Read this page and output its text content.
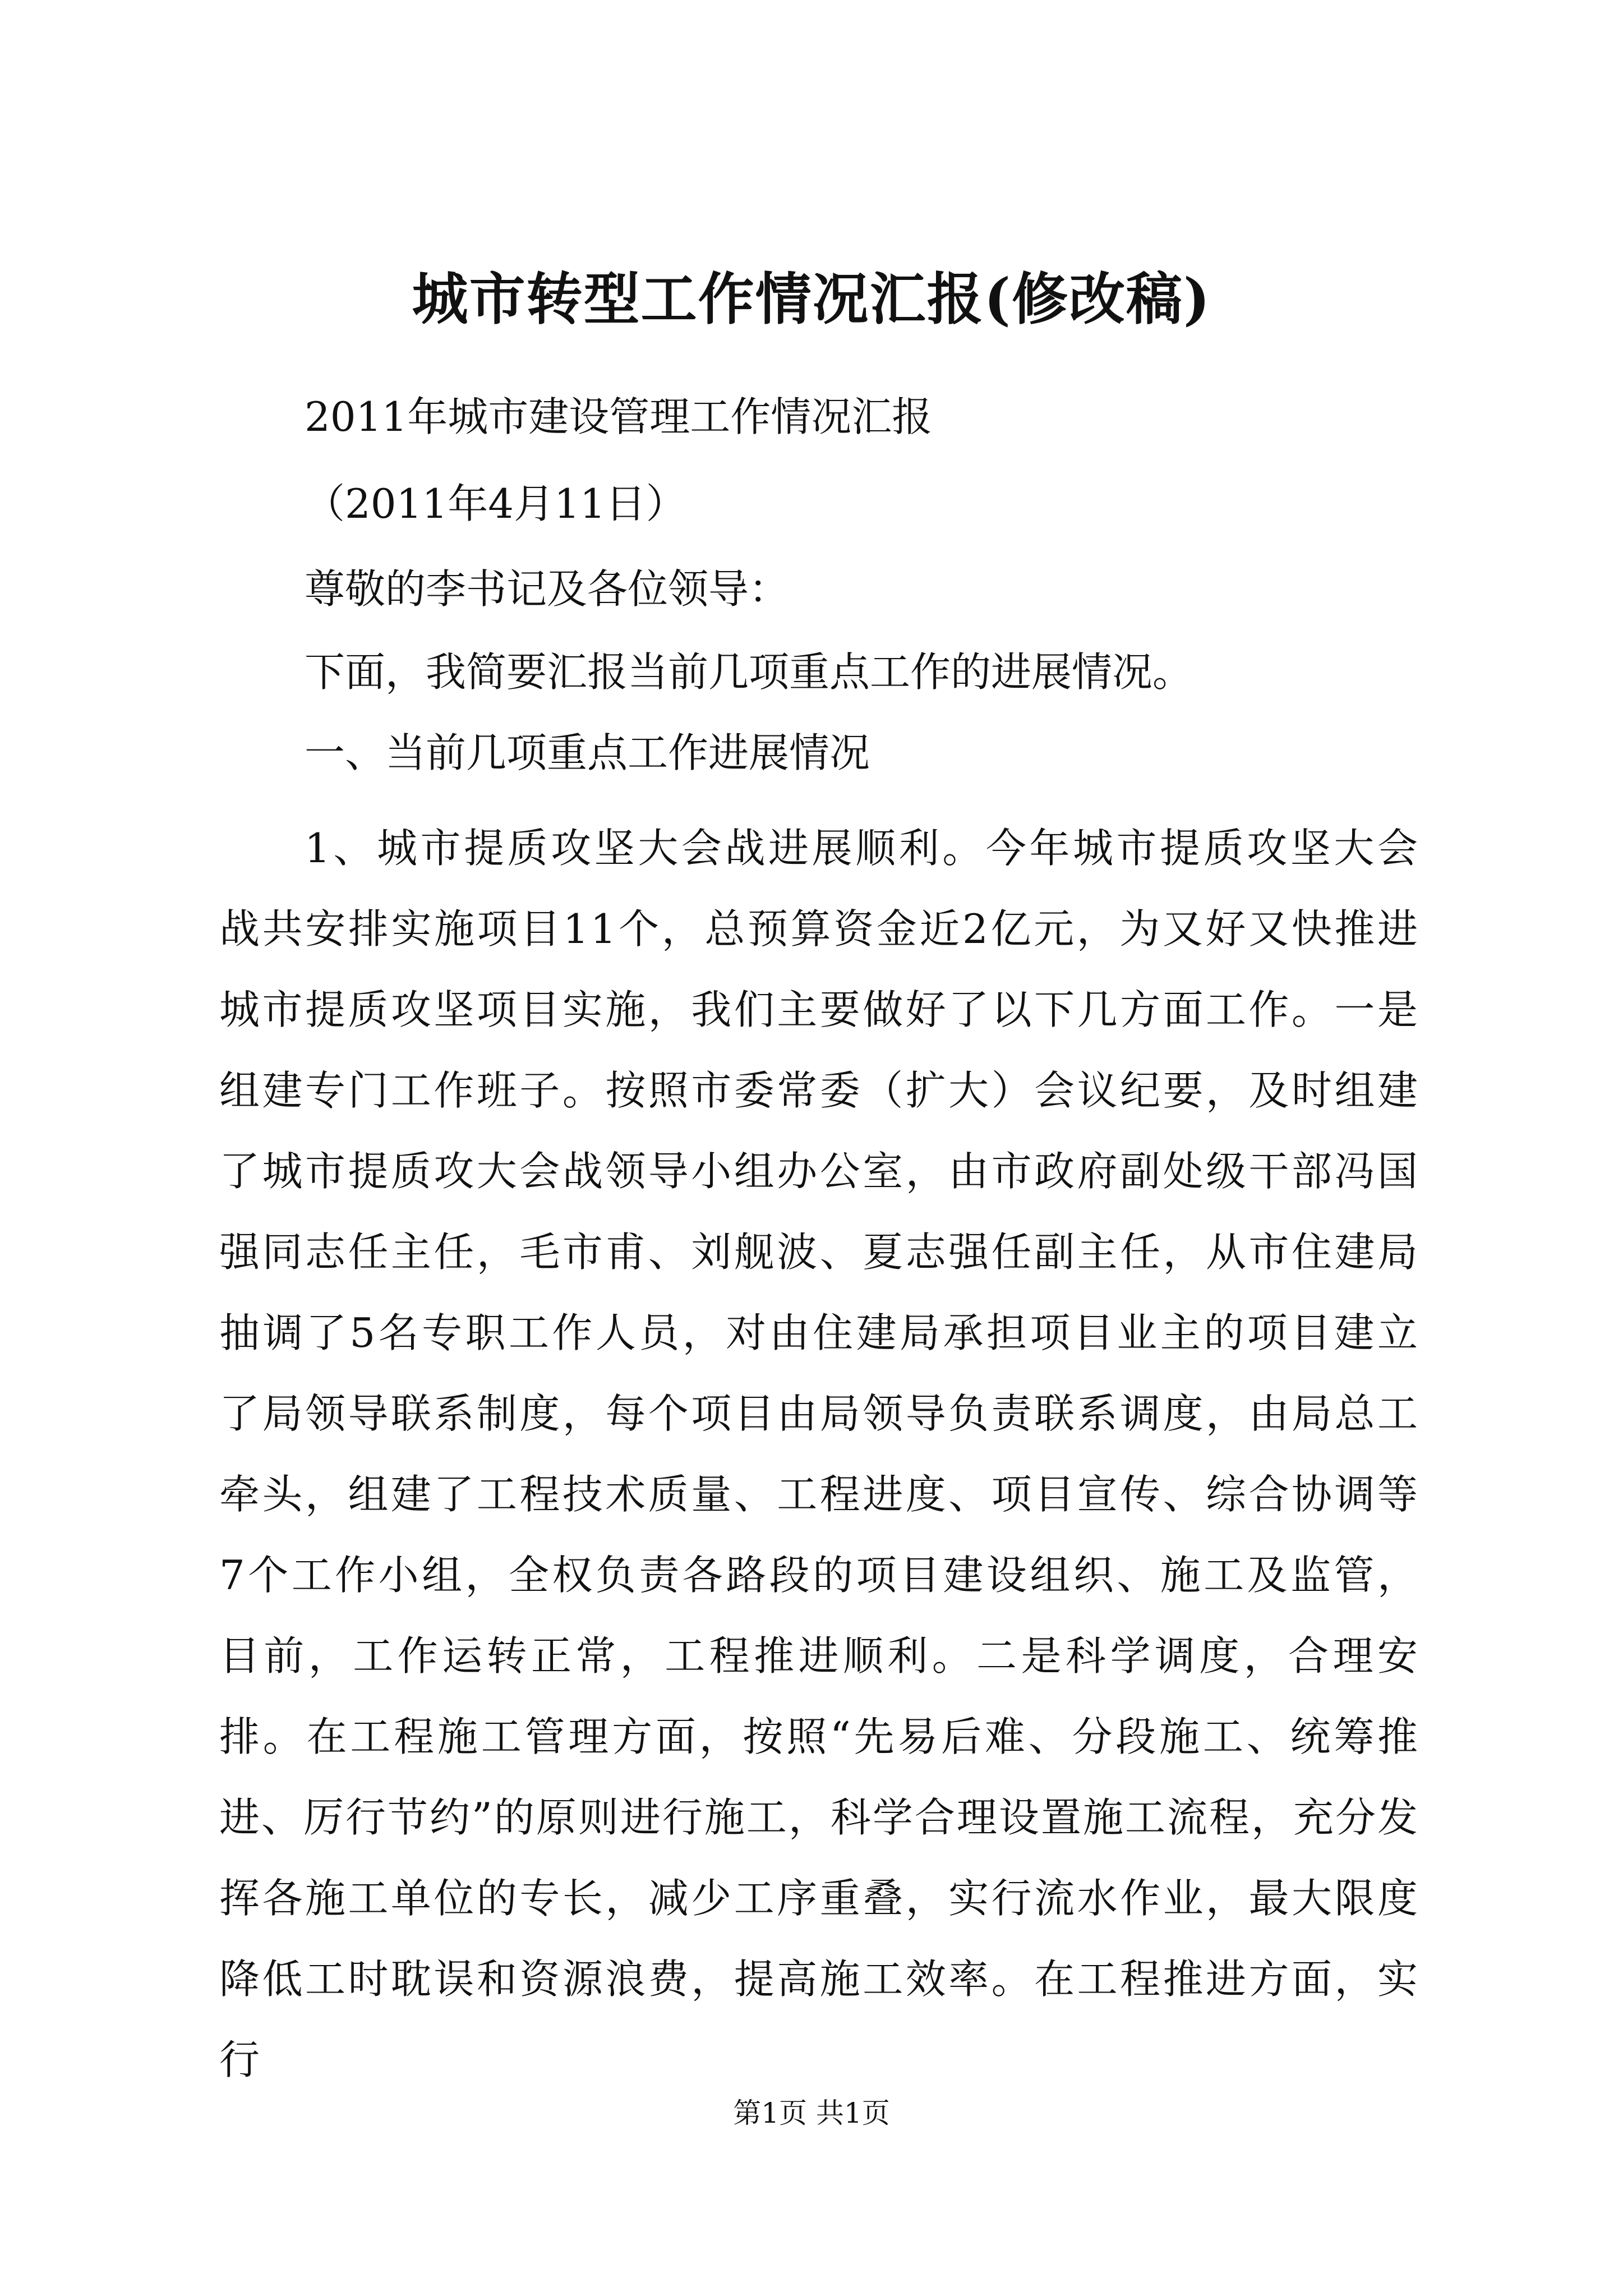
城市转型工作情况汇报(修改稿)

2011年城市建设管理工作情况汇报

（2011年4月11日）

尊敬的李书记及各位领导：

下面，我简要汇报当前几项重点工作的进展情况。

一、当前几项重点工作进展情况

1、城市提质攻坚大会战进展顺利。今年城市提质攻坚大会战共安排实施项目11个，总预算资金近2亿元，为又好又快推进城市提质攻坚项目实施，我们主要做好了以下几方面工作。一是组建专门工作班子。按照市委常委（扩大）会议纪要，及时组建了城市提质攻大会战领导小组办公室，由市政府副处级干部冯国强同志任主任，毛市甫、刘舰波、夏志强任副主任，从市住建局抽调了5名专职工作人员，对由住建局承担项目业主的项目建立了局领导联系制度，每个项目由局领导负责联系调度，由局总工牵头，组建了工程技术质量、工程进度、项目宣传、综合协调等7个工作小组，全权负责各路段的项目建设组织、施工及监管，目前，工作运转正常，工程推进顺利。二是科学调度，合理安排。在工程施工管理方面，按照“先易后难、分段施工、统筹推进、厉行节约”的原则进行施工，科学合理设置施工流程，充分发挥各施工单位的专长，减少工序重叠，实行流水作业，最大限度降低工时耽误和资源浪费，提高施工效率。在工程推进方面，实行

第1页 共1页
